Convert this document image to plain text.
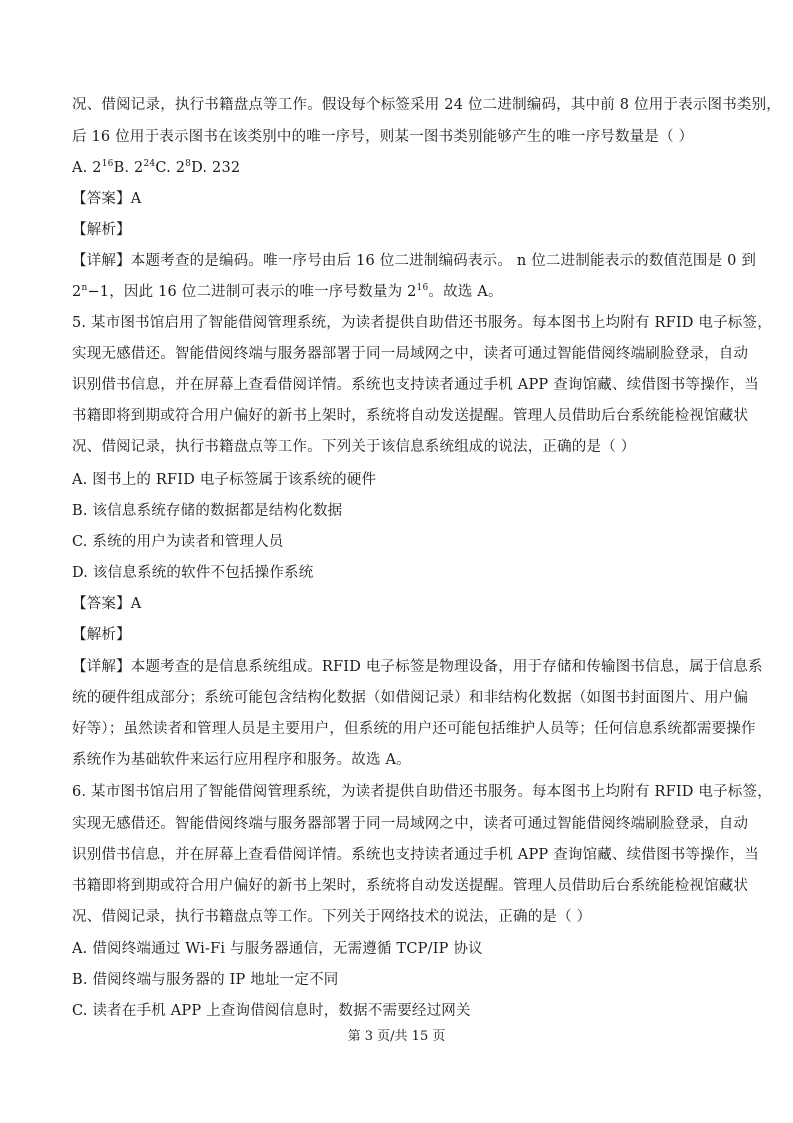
况、借阅记录，执行书籍盘点等工作。假设每个标签采用 24 位二进制编码，其中前 8 位用于表示图书类别，
后 16 位用于表示图书在该类别中的唯一序号，则某一图书类别能够产生的唯一序号数量是（ ）
A. $2^{16}B$. $2^{24}C$. $2^8D$. 232
【答案】A
【解析】
【详解】本题考查的是编码。唯一序号由后 16 位二进制编码表示。 n 位二进制能表示的数值范围是 0 到
$2^n-1$，因此 16 位二进制可表示的唯一序号数量为 $2^{16}$。故选 A。
5. 某市图书馆启用了智能借阅管理系统，为读者提供自助借还书服务。每本图书上均附有 RFID 电子标签，
实现无感借还。智能借阅终端与服务器部署于同一局域网之中，读者可通过智能借阅终端刷脸登录，自动
识别借书信息，并在屏幕上查看借阅详情。系统也支持读者通过手机 APP 查询馆藏、续借图书等操作，当
书籍即将到期或符合用户偏好的新书上架时，系统将自动发送提醒。管理人员借助后台系统能检视馆藏状
况、借阅记录，执行书籍盘点等工作。下列关于该信息系统组成的说法，正确的是（ ）
A. 图书上的 RFID 电子标签属于该系统的硬件
B. 该信息系统存储的数据都是结构化数据
C. 系统的用户为读者和管理人员
D. 该信息系统的软件不包括操作系统
【答案】A
【解析】
【详解】本题考查的是信息系统组成。RFID 电子标签是物理设备，用于存储和传输图书信息，属于信息系
统的硬件组成部分；系统可能包含结构化数据（如借阅记录）和非结构化数据（如图书封面图片、用户偏
好等）；虽然读者和管理人员是主要用户，但系统的用户还可能包括维护人员等；任何信息系统都需要操作
系统作为基础软件来运行应用程序和服务。故选 A。
6. 某市图书馆启用了智能借阅管理系统，为读者提供自助借还书服务。每本图书上均附有 RFID 电子标签，
实现无感借还。智能借阅终端与服务器部署于同一局域网之中，读者可通过智能借阅终端刷脸登录，自动
识别借书信息，并在屏幕上查看借阅详情。系统也支持读者通过手机 APP 查询馆藏、续借图书等操作，当
书籍即将到期或符合用户偏好的新书上架时，系统将自动发送提醒。管理人员借助后台系统能检视馆藏状
况、借阅记录，执行书籍盘点等工作。下列关于网络技术的说法，正确的是（ ）
A. 借阅终端通过 Wi-Fi 与服务器通信，无需遵循 TCP/IP 协议
B. 借阅终端与服务器的 IP 地址一定不同
C. 读者在手机 APP 上查询借阅信息时，数据不需要经过网关
第 3 页/共 15 页
